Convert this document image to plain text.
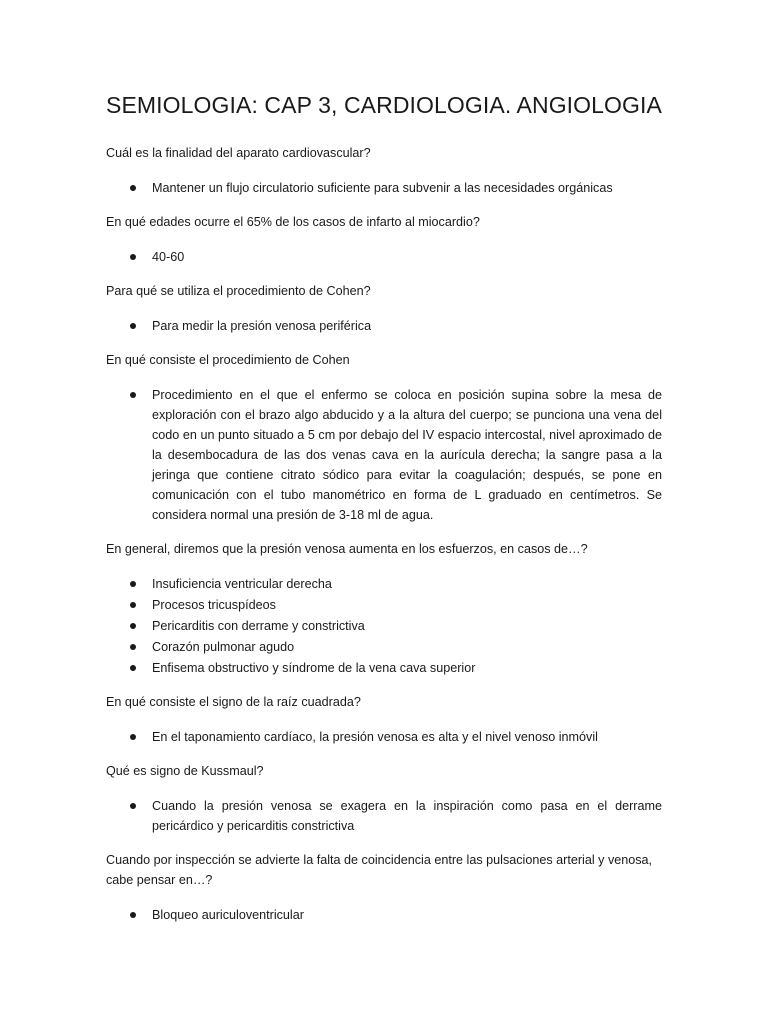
SEMIOLOGIA: CAP 3, CARDIOLOGIA. ANGIOLOGIA

Cuál es la finalidad del aparato cardiovascular?

Mantener un flujo circulatorio suficiente para subvenir a las necesidades orgánicas

En qué edades ocurre el 65% de los casos de infarto al miocardio?

40-60

Para qué se utiliza el procedimiento de Cohen?

Para medir la presión venosa periférica

En qué consiste el procedimiento de Cohen

Procedimiento en el que el enfermo se coloca en posición supina sobre la mesa de exploración con el brazo algo abducido y a la altura del cuerpo; se punciona una vena del codo en un punto situado a 5 cm por debajo del IV espacio intercostal, nivel aproximado de la desembocadura de las dos venas cava en la aurícula derecha; la sangre pasa a la jeringa que contiene citrato sódico para evitar la coagulación; después, se pone en comunicación con el tubo manométrico en forma de L graduado en centímetros. Se considera normal una presión de 3-18 ml de agua.

En general, diremos que la presión venosa aumenta en los esfuerzos, en casos de…?

Insuficiencia ventricular derecha
Procesos tricuspídeos
Pericarditis con derrame y constrictiva
Corazón pulmonar agudo
Enfisema obstructivo y síndrome de la vena cava superior

En qué consiste el signo de la raíz cuadrada?

En el taponamiento cardíaco, la presión venosa es alta y el nivel venoso inmóvil

Qué es signo de Kussmaul?

Cuando la presión venosa se exagera en la inspiración como pasa en el derrame pericárdico y pericarditis constrictiva

Cuando por inspección se advierte la falta de coincidencia entre las pulsaciones arterial y venosa, cabe pensar en…?

Bloqueo auriculoventricular
